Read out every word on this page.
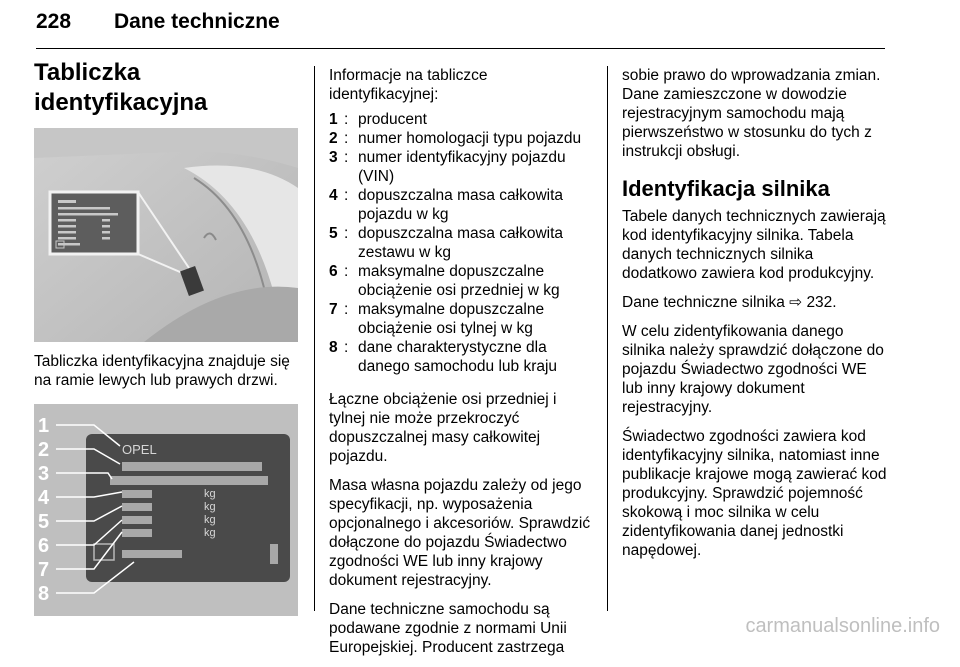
228 Dane techniczne
Tabliczka identyfikacyjna

Tabliczka identyfikacyjna znajduje się na ramie lewych lub prawych drzwi.

OPEL
kg
kg
kg
kg
1
2
3
4
5
6
7
8

Informacje na tabliczce identyfikacyjnej:

1 : producent
2 : numer homologacji typu pojazdu
3 : numer identyfikacyjny pojazdu (VIN)
4 : dopuszczalna masa całkowita pojazdu w kg
5 : dopuszczalna masa całkowita zestawu w kg
6 : maksymalne dopuszczalne obciążenie osi przedniej w kg
7 : maksymalne dopuszczalne obciążenie osi tylnej w kg
8 : dane charakterystyczne dla danego samochodu lub kraju

Łączne obciążenie osi przedniej i tylnej nie może przekroczyć dopuszczalnej masy całkowitej pojazdu.

Masa własna pojazdu zależy od jego specyfikacji, np. wyposażenia opcjonalnego i akcesoriów. Sprawdzić dołączone do pojazdu Świadectwo zgodności WE lub inny krajowy dokument rejestracyjny.

Dane techniczne samochodu są podawane zgodnie z normami Unii Europejskiej. Producent zastrzega

sobie prawo do wprowadzania zmian. Dane zamieszczone w dowodzie rejestracyjnym samochodu mają pierwszeństwo w stosunku do tych z instrukcji obsługi.

Identyfikacja silnika

Tabele danych technicznych zawierają kod identyfikacyjny silnika. Tabela danych technicznych silnika dodatkowo zawiera kod produkcyjny.

Dane techniczne silnika ⇨ 232.

W celu zidentyfikowania danego silnika należy sprawdzić dołączone do pojazdu Świadectwo zgodności WE lub inny krajowy dokument rejestracyjny.

Świadectwo zgodności zawiera kod identyfikacyjny silnika, natomiast inne publikacje krajowe mogą zawierać kod produkcyjny. Sprawdzić pojemność skokową i moc silnika w celu zidentyfikowania danej jednostki napędowej.

carmanualsonline.info
